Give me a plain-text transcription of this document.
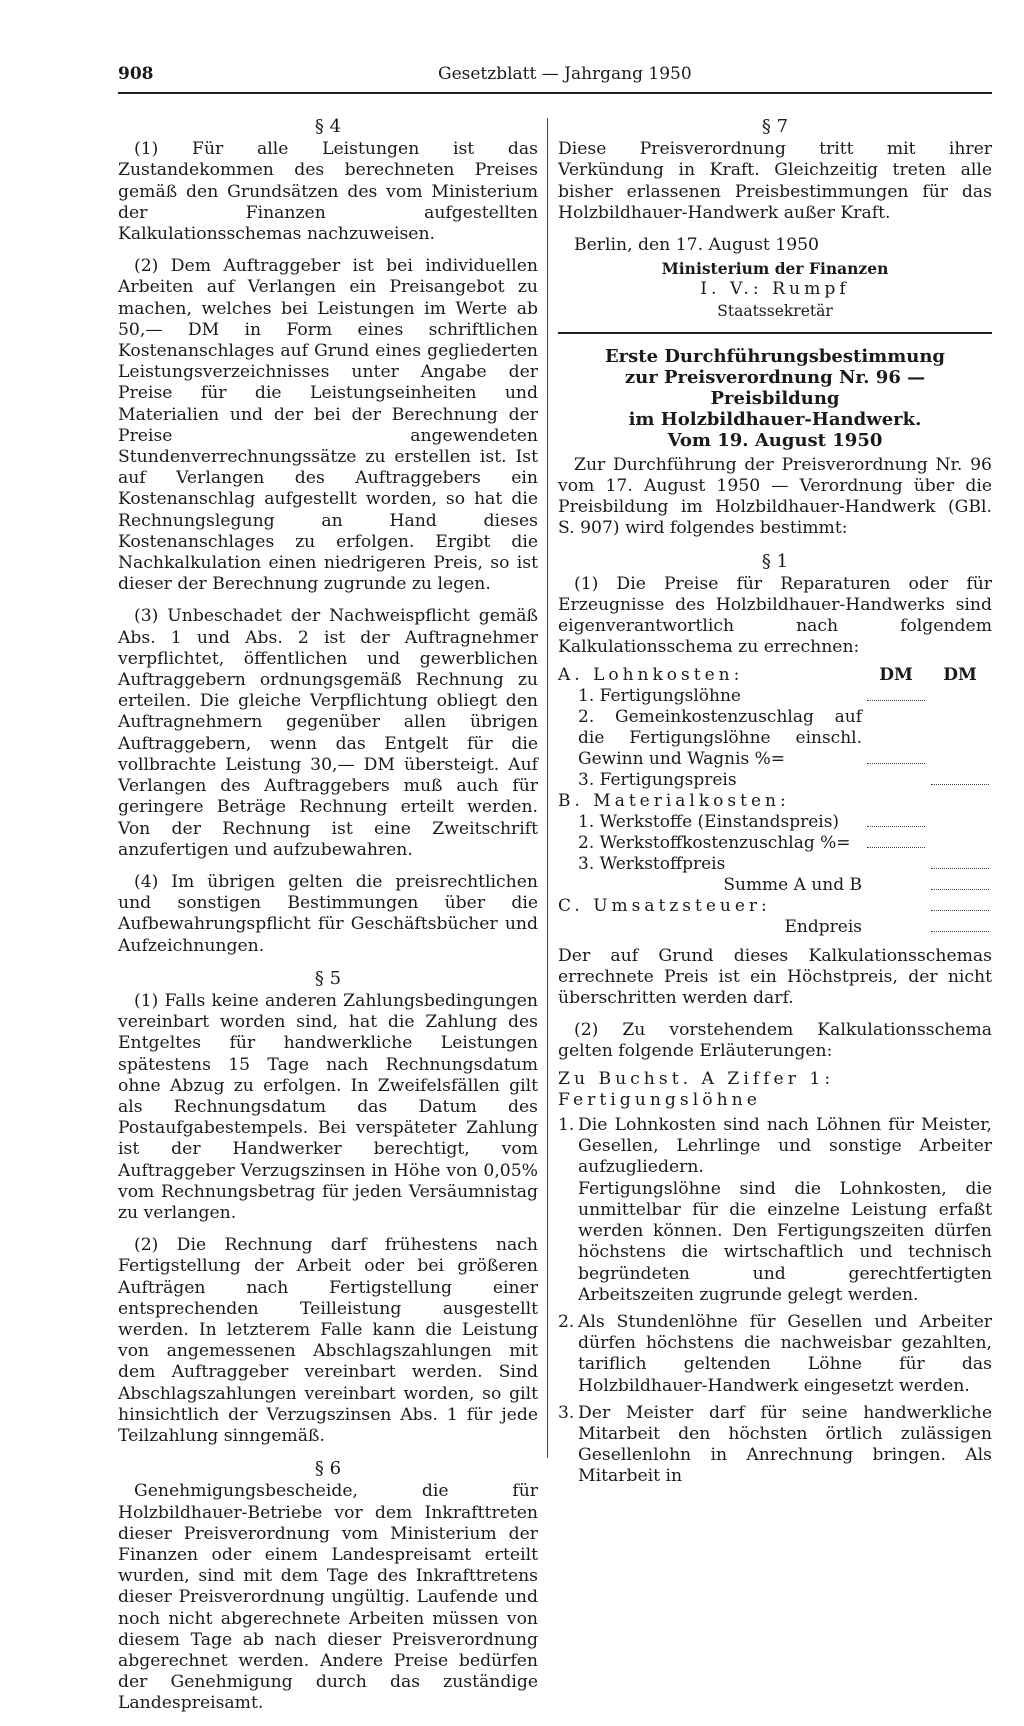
908	Gesetzblatt — Jahrgang 1950
§ 4

(1) Für alle Leistungen ist das Zustandekommen des berechneten Preises gemäß den Grundsätzen des vom Ministerium der Finanzen aufgestellten Kalkulationsschemas nachzuweisen.

(2) Dem Auftraggeber ist bei individuellen Arbeiten auf Verlangen ein Preisangebot zu machen, welches bei Leistungen im Werte ab 50,— DM in Form eines schriftlichen Kostenanschlages auf Grund eines gegliederten Leistungsverzeichnisses unter Angabe der Preise für die Leistungseinheiten und Materialien und der bei der Berechnung der Preise angewendeten Stundenverrechnungssätze zu erstellen ist. Ist auf Verlangen des Auftraggebers ein Kostenanschlag aufgestellt worden, so hat die Rechnungslegung an Hand dieses Kostenanschlages zu erfolgen. Ergibt die Nachkalkulation einen niedrigeren Preis, so ist dieser der Berechnung zugrunde zu legen.

(3) Unbeschadet der Nachweispflicht gemäß Abs. 1 und Abs. 2 ist der Auftragnehmer verpflichtet, öffentlichen und gewerblichen Auftraggebern ordnungsgemäß Rechnung zu erteilen. Die gleiche Verpflichtung obliegt den Auftragnehmern gegenüber allen übrigen Auftraggebern, wenn das Entgelt für die vollbrachte Leistung 30,— DM übersteigt. Auf Verlangen des Auftraggebers muß auch für geringere Beträge Rechnung erteilt werden. Von der Rechnung ist eine Zweitschrift anzufertigen und aufzubewahren.

(4) Im übrigen gelten die preisrechtlichen und sonstigen Bestimmungen über die Aufbewahrungspflicht für Geschäftsbücher und Aufzeichnungen.

§ 5

(1) Falls keine anderen Zahlungsbedingungen vereinbart worden sind, hat die Zahlung des Entgeltes für handwerkliche Leistungen spätestens 15 Tage nach Rechnungsdatum ohne Abzug zu erfolgen. In Zweifelsfällen gilt als Rechnungsdatum das Datum des Postaufgabestempels. Bei verspäteter Zahlung ist der Handwerker berechtigt, vom Auftraggeber Verzugszinsen in Höhe von 0,05% vom Rechnungsbetrag für jeden Versäumnistag zu verlangen.

(2) Die Rechnung darf frühestens nach Fertigstellung der Arbeit oder bei größeren Aufträgen nach Fertigstellung einer entsprechenden Teilleistung ausgestellt werden. In letzterem Falle kann die Leistung von angemessenen Abschlagszahlungen mit dem Auftraggeber vereinbart werden. Sind Abschlagszahlungen vereinbart worden, so gilt hinsichtlich der Verzugszinsen Abs. 1 für jede Teilzahlung sinngemäß.

§ 6

Genehmigungsbescheide, die für Holzbildhauer-Betriebe vor dem Inkrafttreten dieser Preisverordnung vom Ministerium der Finanzen oder einem Landespreisamt erteilt wurden, sind mit dem Tage des Inkrafttretens dieser Preisverordnung ungültig. Laufende und noch nicht abgerechnete Arbeiten müssen von diesem Tage ab nach dieser Preisverordnung abgerechnet werden. Andere Preise bedürfen der Genehmigung durch das zuständige Landespreisamt.

§ 7

Diese Preisverordnung tritt mit ihrer Verkündung in Kraft. Gleichzeitig treten alle bisher erlassenen Preisbestimmungen für das Holzbildhauer-Handwerk außer Kraft.

Berlin, den 17. August 1950

Ministerium der Finanzen
I. V.: Rumpf
Staatssekretär
Erste Durchführungsbestimmung
zur Preisverordnung Nr. 96 — Preisbildung
im Holzbildhauer-Handwerk.
Vom 19. August 1950

Zur Durchführung der Preisverordnung Nr. 96 vom 17. August 1950 — Verordnung über die Preisbildung im Holzbildhauer-Handwerk (GBl. S. 907) wird folgendes bestimmt:

§ 1

(1) Die Preise für Reparaturen oder für Erzeugnisse des Holzbildhauer-Handwerks sind eigenverantwortlich nach folgendem Kalkulationsschema zu errechnen:

A. Lohnkosten:	DM	DM
1. Fertigungslöhne		
2. Gemeinkostenzuschlag auf die Fertigungslöhne einschl. Gewinn und Wagnis %=		
3. Fertigungspreis		
B. Materialkosten:		
1. Werkstoffe (Einstandspreis)		
2. Werkstoffkostenzuschlag %=		
3. Werkstoffpreis		
Summe A und B		
C. Umsatzsteuer:		
Endpreis		

Der auf Grund dieses Kalkulationsschemas errechnete Preis ist ein Höchstpreis, der nicht überschritten werden darf.

(2) Zu vorstehendem Kalkulationsschema gelten folgende Erläuterungen:

Zu Buchst. A Ziffer 1:
Fertigungslöhne
1. Die Lohnkosten sind nach Löhnen für Meister, Gesellen, Lehrlinge und sonstige Arbeiter aufzugliedern.

Fertigungslöhne sind die Lohnkosten, die unmittelbar für die einzelne Leistung erfaßt werden können. Den Fertigungszeiten dürfen höchstens die wirtschaftlich und technisch begründeten und gerechtfertigten Arbeitszeiten zugrunde gelegt werden.

2. Als Stundenlöhne für Gesellen und Arbeiter dürfen höchstens die nachweisbar gezahlten, tariflich geltenden Löhne für das Holzbildhauer-Handwerk eingesetzt werden.

3. Der Meister darf für seine handwerkliche Mitarbeit den höchsten örtlich zulässigen Gesellenlohn in Anrechnung bringen. Als Mitarbeit in
